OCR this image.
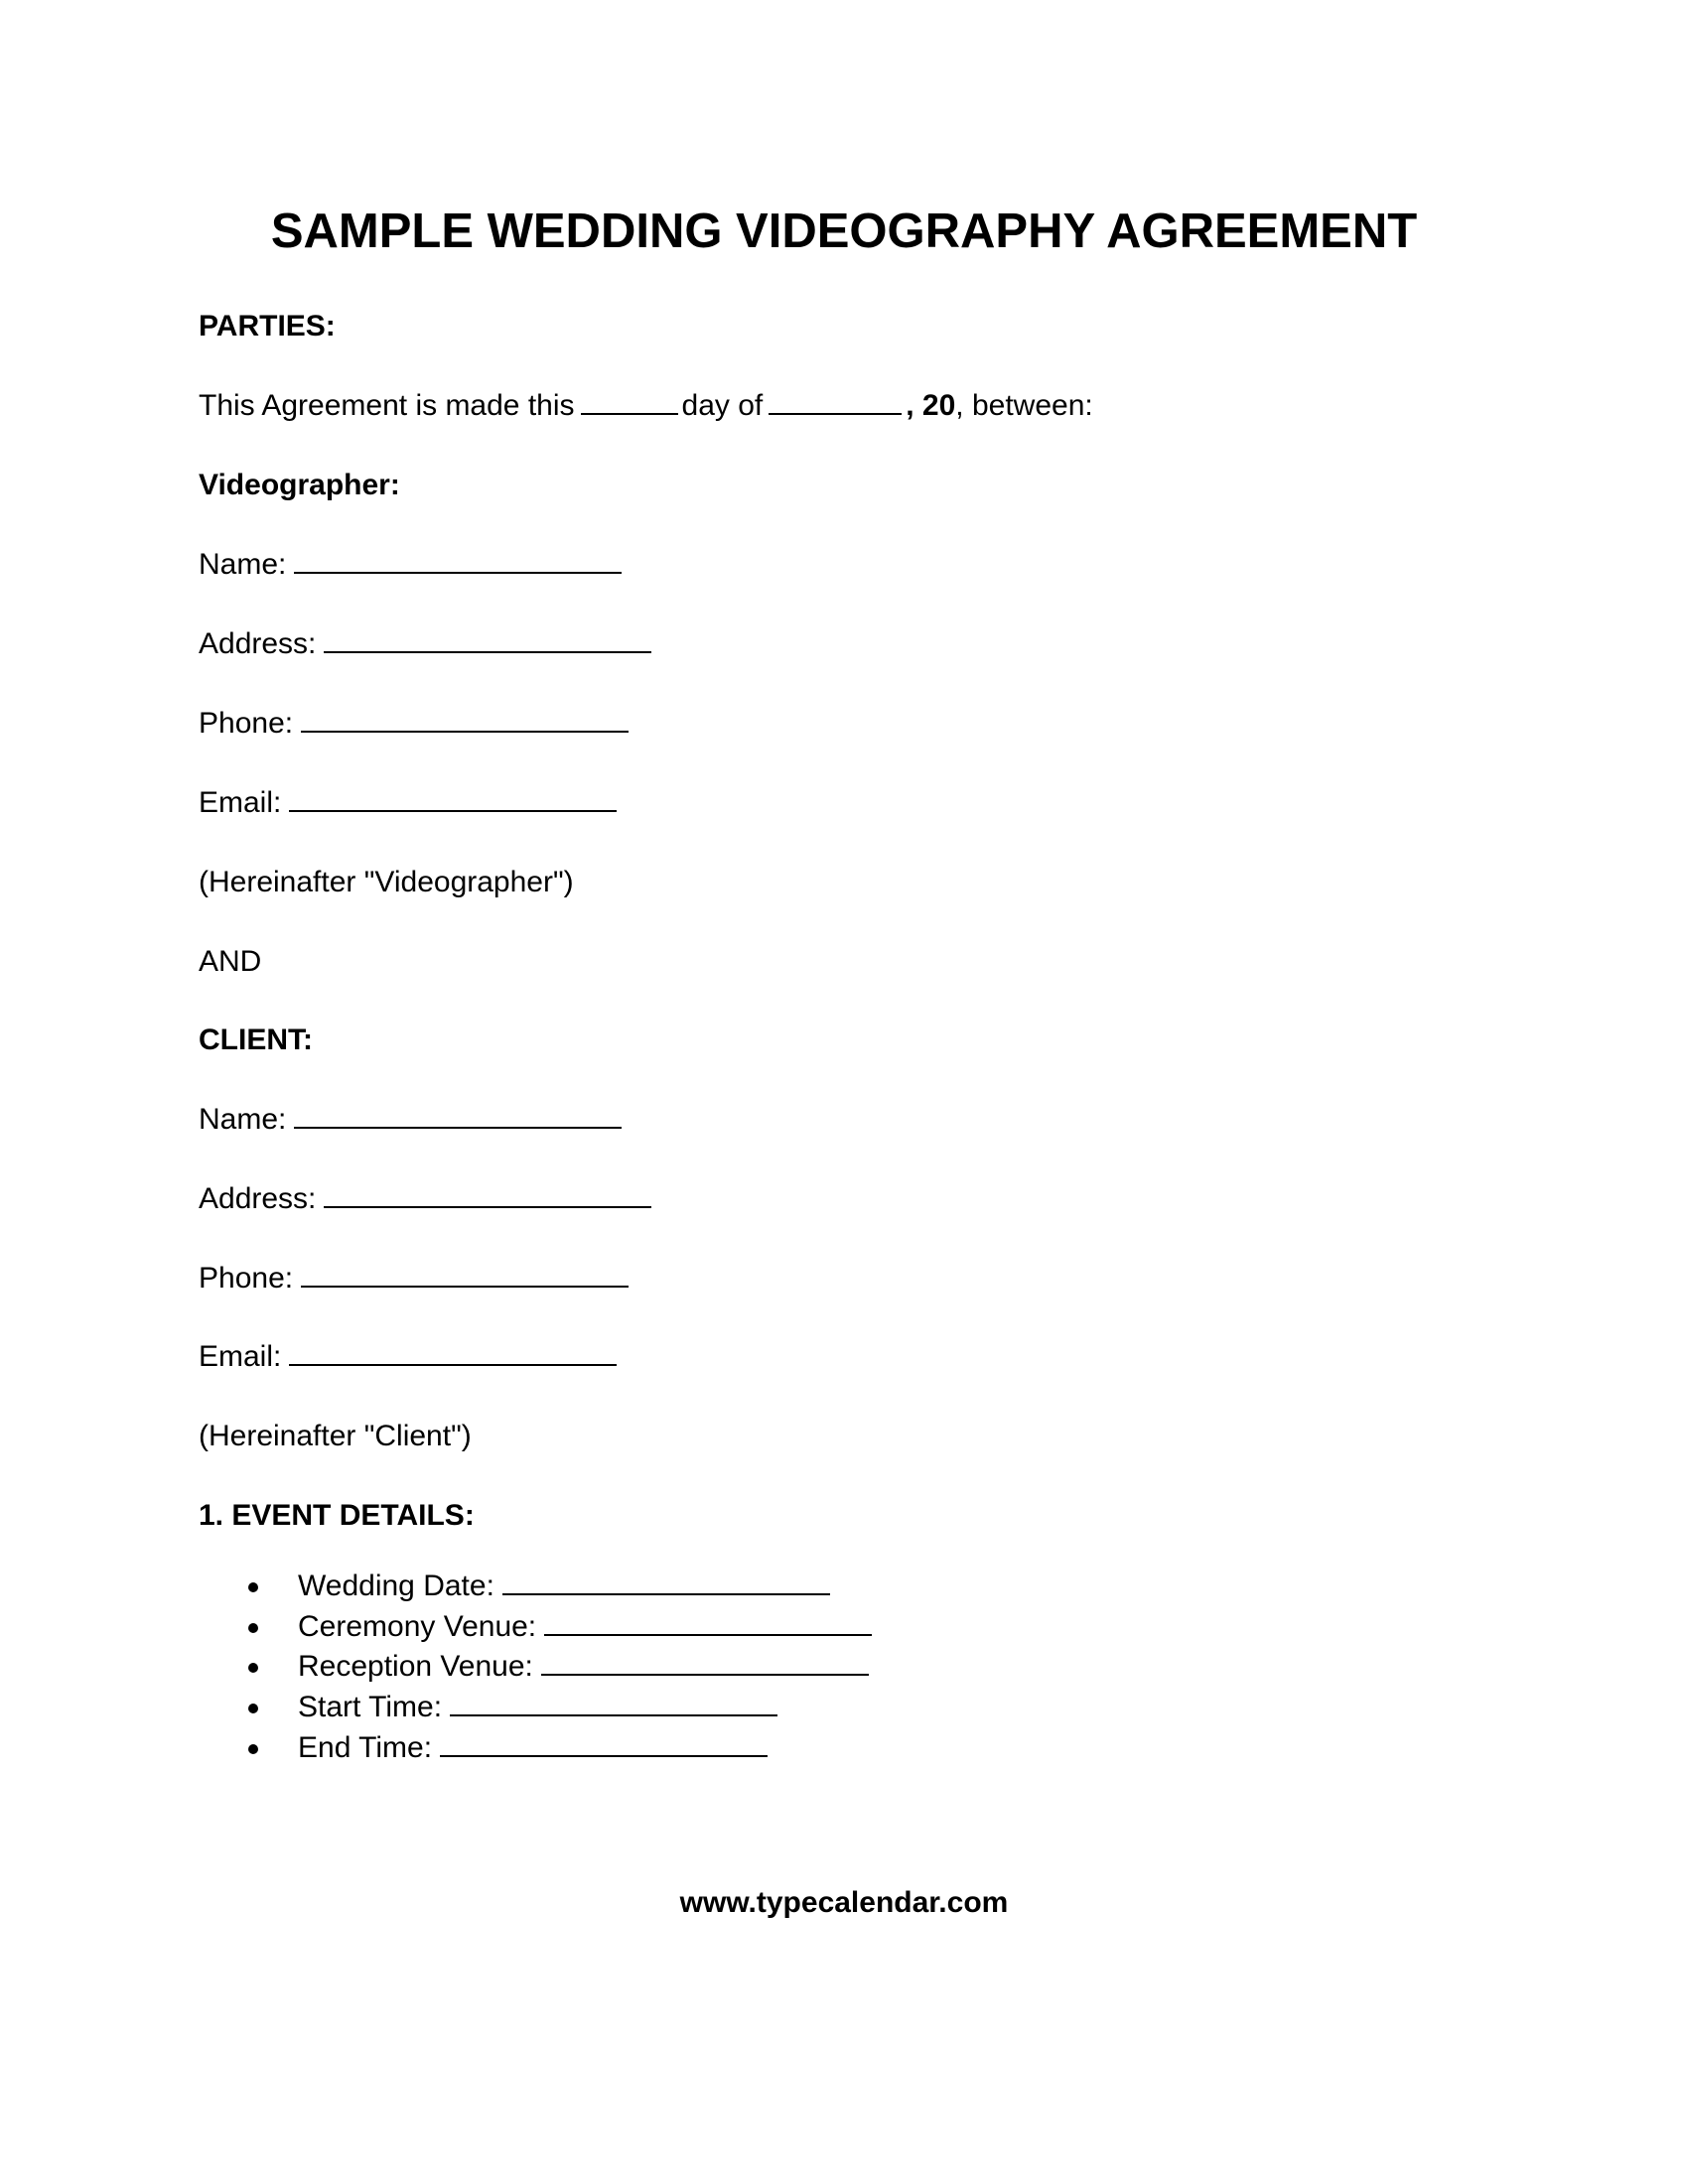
SAMPLE WEDDING VIDEOGRAPHY AGREEMENT
PARTIES:
This Agreement is made this	day of	, 20, between:
Videographer:
Name:
Address:
Phone:
Email:
(Hereinafter "Videographer")
AND
CLIENT:
Name:
Address:
Phone:
Email:
(Hereinafter "Client")
1. EVENT DETAILS:
Wedding Date:
Ceremony Venue:
Reception Venue:
Start Time:
End Time:
www.typecalendar.com
